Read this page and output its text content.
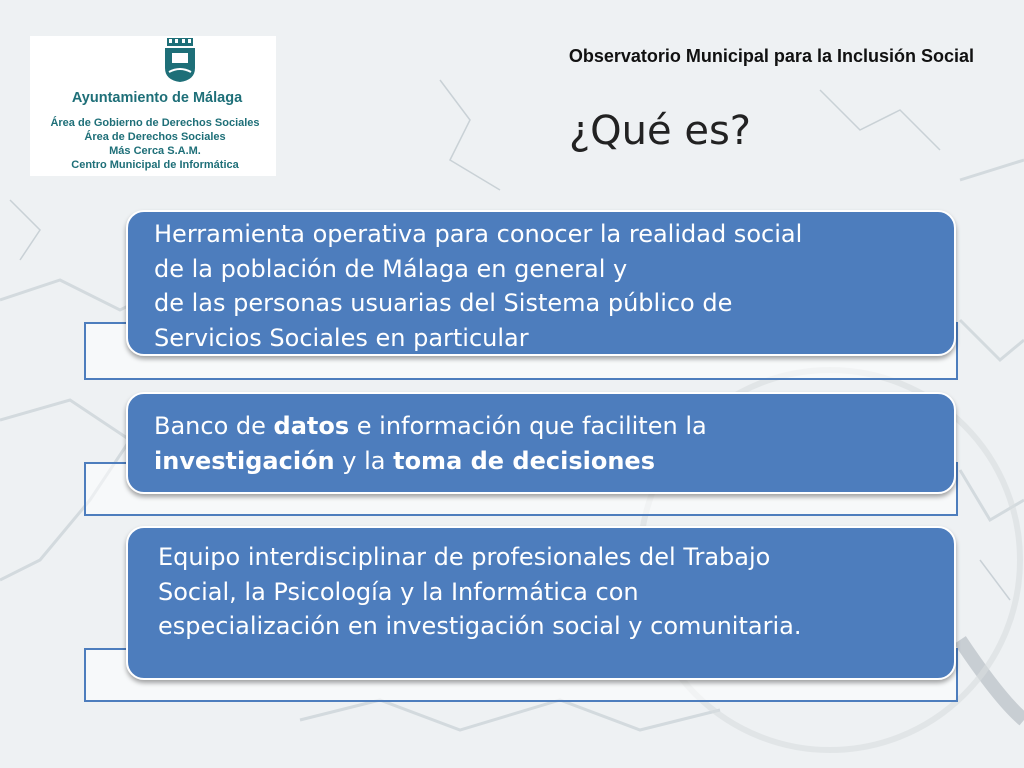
Ayuntamiento de Málaga
Área de Gobierno de Derechos Sociales
Área de Derechos Sociales
Más Cerca S.A.M.
Centro Municipal de Informática
Observatorio Municipal para la Inclusión Social
¿Qué es?
Herramienta operativa para conocer la realidad social
de la población de Málaga en general y
de las personas usuarias del Sistema público de
Servicios Sociales en particular
Banco de datos e información que faciliten la
investigación y la toma de decisiones
Equipo interdisciplinar de profesionales del Trabajo
Social, la Psicología y la Informática con
especialización en investigación social y comunitaria.
